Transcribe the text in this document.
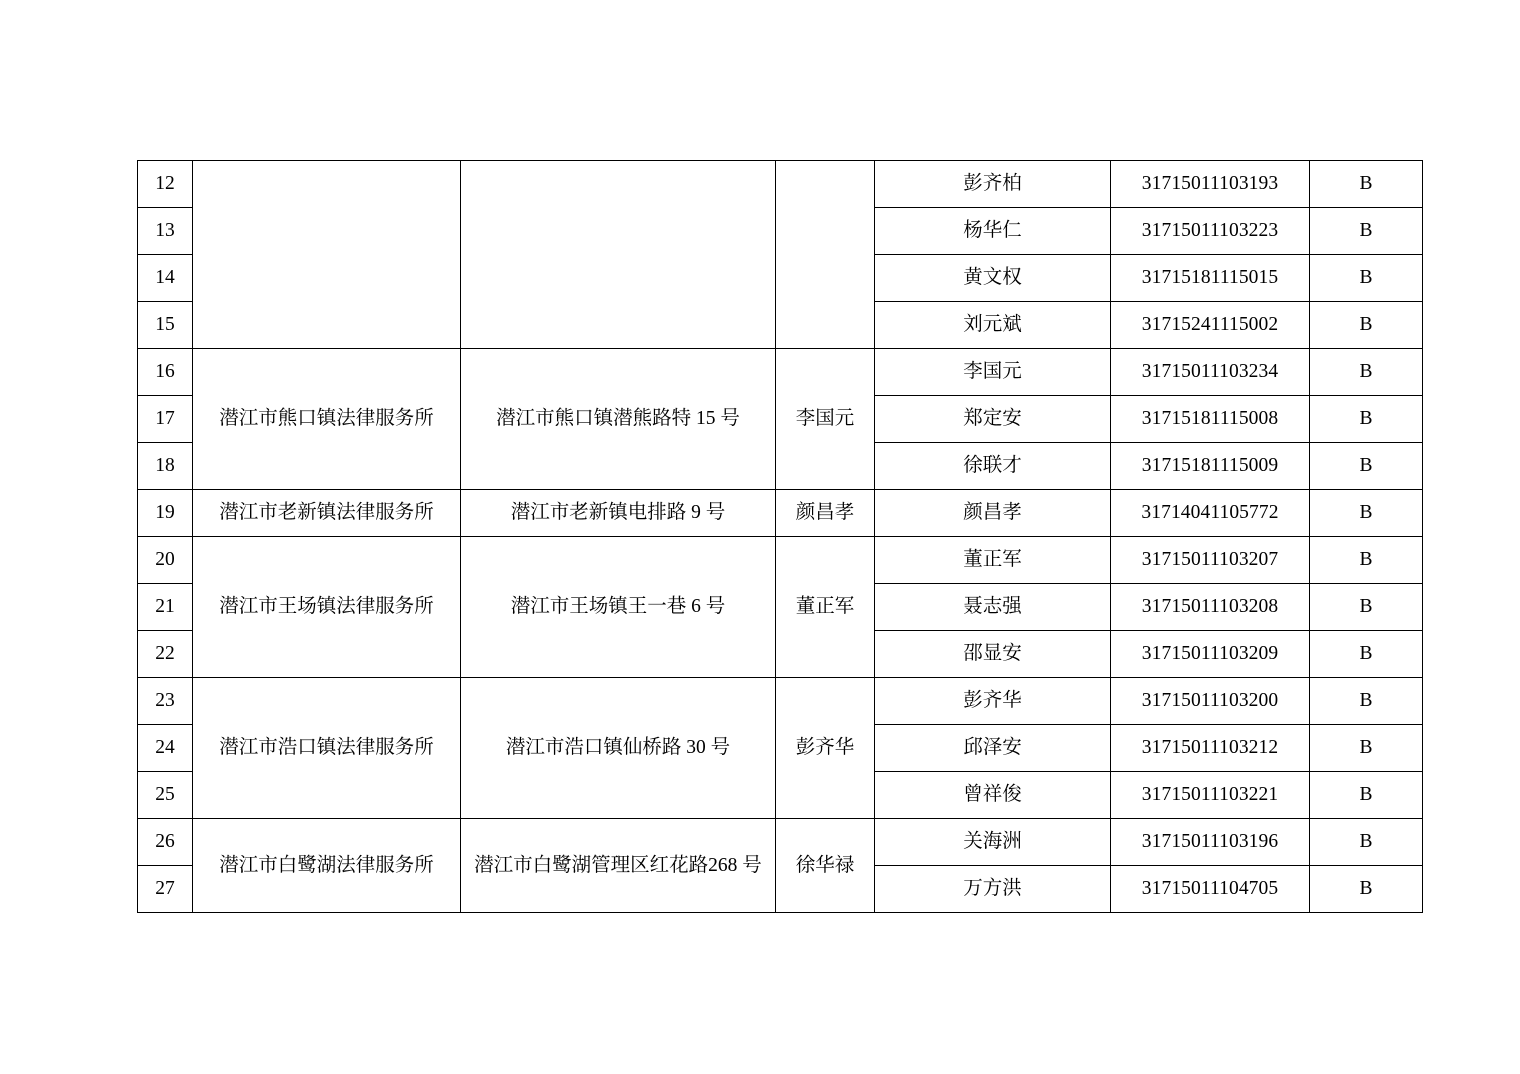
12				彭齐柏	31715011103193	B
13				杨华仁	31715011103223	B
14				黄文权	31715181115015	B
15				刘元斌	31715241115002	B
16	潜江市熊口镇法律服务所	潜江市熊口镇潜熊路特 15 号	李国元	李国元	31715011103234	B
17				郑定安	31715181115008	B
18				徐联才	31715181115009	B
19	潜江市老新镇法律服务所	潜江市老新镇电排路 9 号	颜昌孝	颜昌孝	31714041105772	B
20	潜江市王场镇法律服务所	潜江市王场镇王一巷 6 号	董正军	董正军	31715011103207	B
21				聂志强	31715011103208	B
22				邵显安	31715011103209	B
23	潜江市浩口镇法律服务所	潜江市浩口镇仙桥路 30 号	彭齐华	彭齐华	31715011103200	B
24				邱泽安	31715011103212	B
25				曾祥俊	31715011103221	B
26	潜江市白鹭湖法律服务所	潜江市白鹭湖管理区红花路268 号	徐华禄	关海洲	31715011103196	B
27				万方洪	31715011104705	B
